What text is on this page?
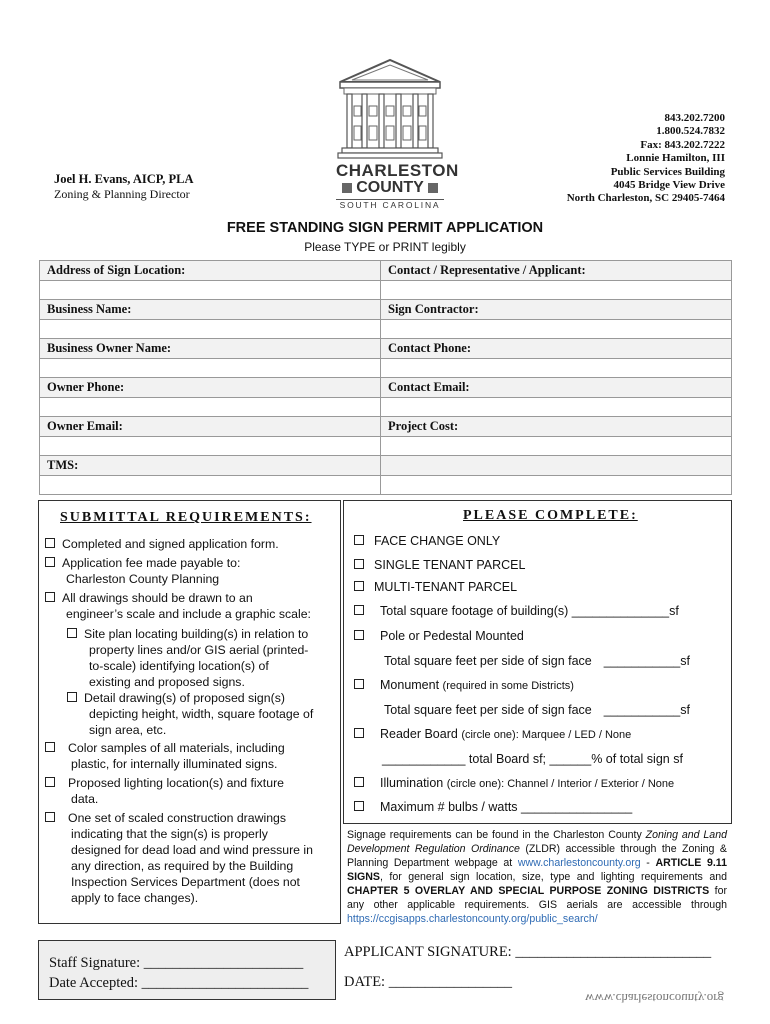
Joel H. Evans, AICP, PLA
Zoning & Planning Director
CHARLESTON
COUNTY
SOUTH CAROLINA
843.202.7200
1.800.524.7832
Fax: 843.202.7222
Lonnie Hamilton, III
Public Services Building
4045 Bridge View Drive
North Charleston, SC 29405-7464
FREE STANDING SIGN PERMIT APPLICATION
Please TYPE or PRINT legibly
Address of Sign Location:	Contact / Representative / Applicant:

Business Name:	Sign Contractor:

Business Owner Name:	Contact Phone:

Owner Phone:	Contact Email:

Owner Email:	Project Cost:

TMS:	

SUBMITTAL REQUIREMENTS:
Completed and signed application form.
Application fee made payable to:
Charleston County Planning
All drawings should be drawn to an
engineer’s scale and include a graphic scale:
Site plan locating building(s) in relation to
property lines and/or GIS aerial (printed-
to-scale) identifying location(s) of
existing and proposed signs.
Detail drawing(s) of proposed sign(s)
depicting height, width, square footage of
sign area, etc.
Color samples of all materials, including
plastic, for internally illuminated signs.
Proposed lighting location(s) and fixture
data.
One set of scaled construction drawings
indicating that the sign(s) is properly
designed for dead load and wind pressure in
any direction, as required by the Building
Inspection Services Department (does not
apply to face changes).
PLEASE COMPLETE:
FACE CHANGE ONLY
SINGLE TENANT PARCEL
MULTI-TENANT PARCEL
Total square footage of building(s) ______________sf
Pole or Pedestal Mounted
Total square feet per side of sign face ___________sf
Monument (required in some Districts)
Total square feet per side of sign face ___________sf
Reader Board (circle one): Marquee / LED / None
____________ total Board sf; ______% of total sign sf
Illumination (circle one): Channel / Interior / Exterior / None
Maximum # bulbs / watts ________________
Signage requirements can be found in the Charleston County Zoning and Land Development Regulation Ordinance (ZLDR) accessible through the Zoning & Planning Department webpage at www.charlestoncounty.org - ARTICLE 9.11 SIGNS, for general sign location, size, type and lighting requirements and CHAPTER 5 OVERLAY AND SPECIAL PURPOSE ZONING DISTRICTS for any other applicable requirements. GIS aerials are accessible through https://ccgisapps.charlestoncounty.org/public_search/
Staff Signature: ______________________
Date Accepted: _______________________
APPLICANT SIGNATURE: ___________________________
DATE: _________________
www.charlestoncounty.org
